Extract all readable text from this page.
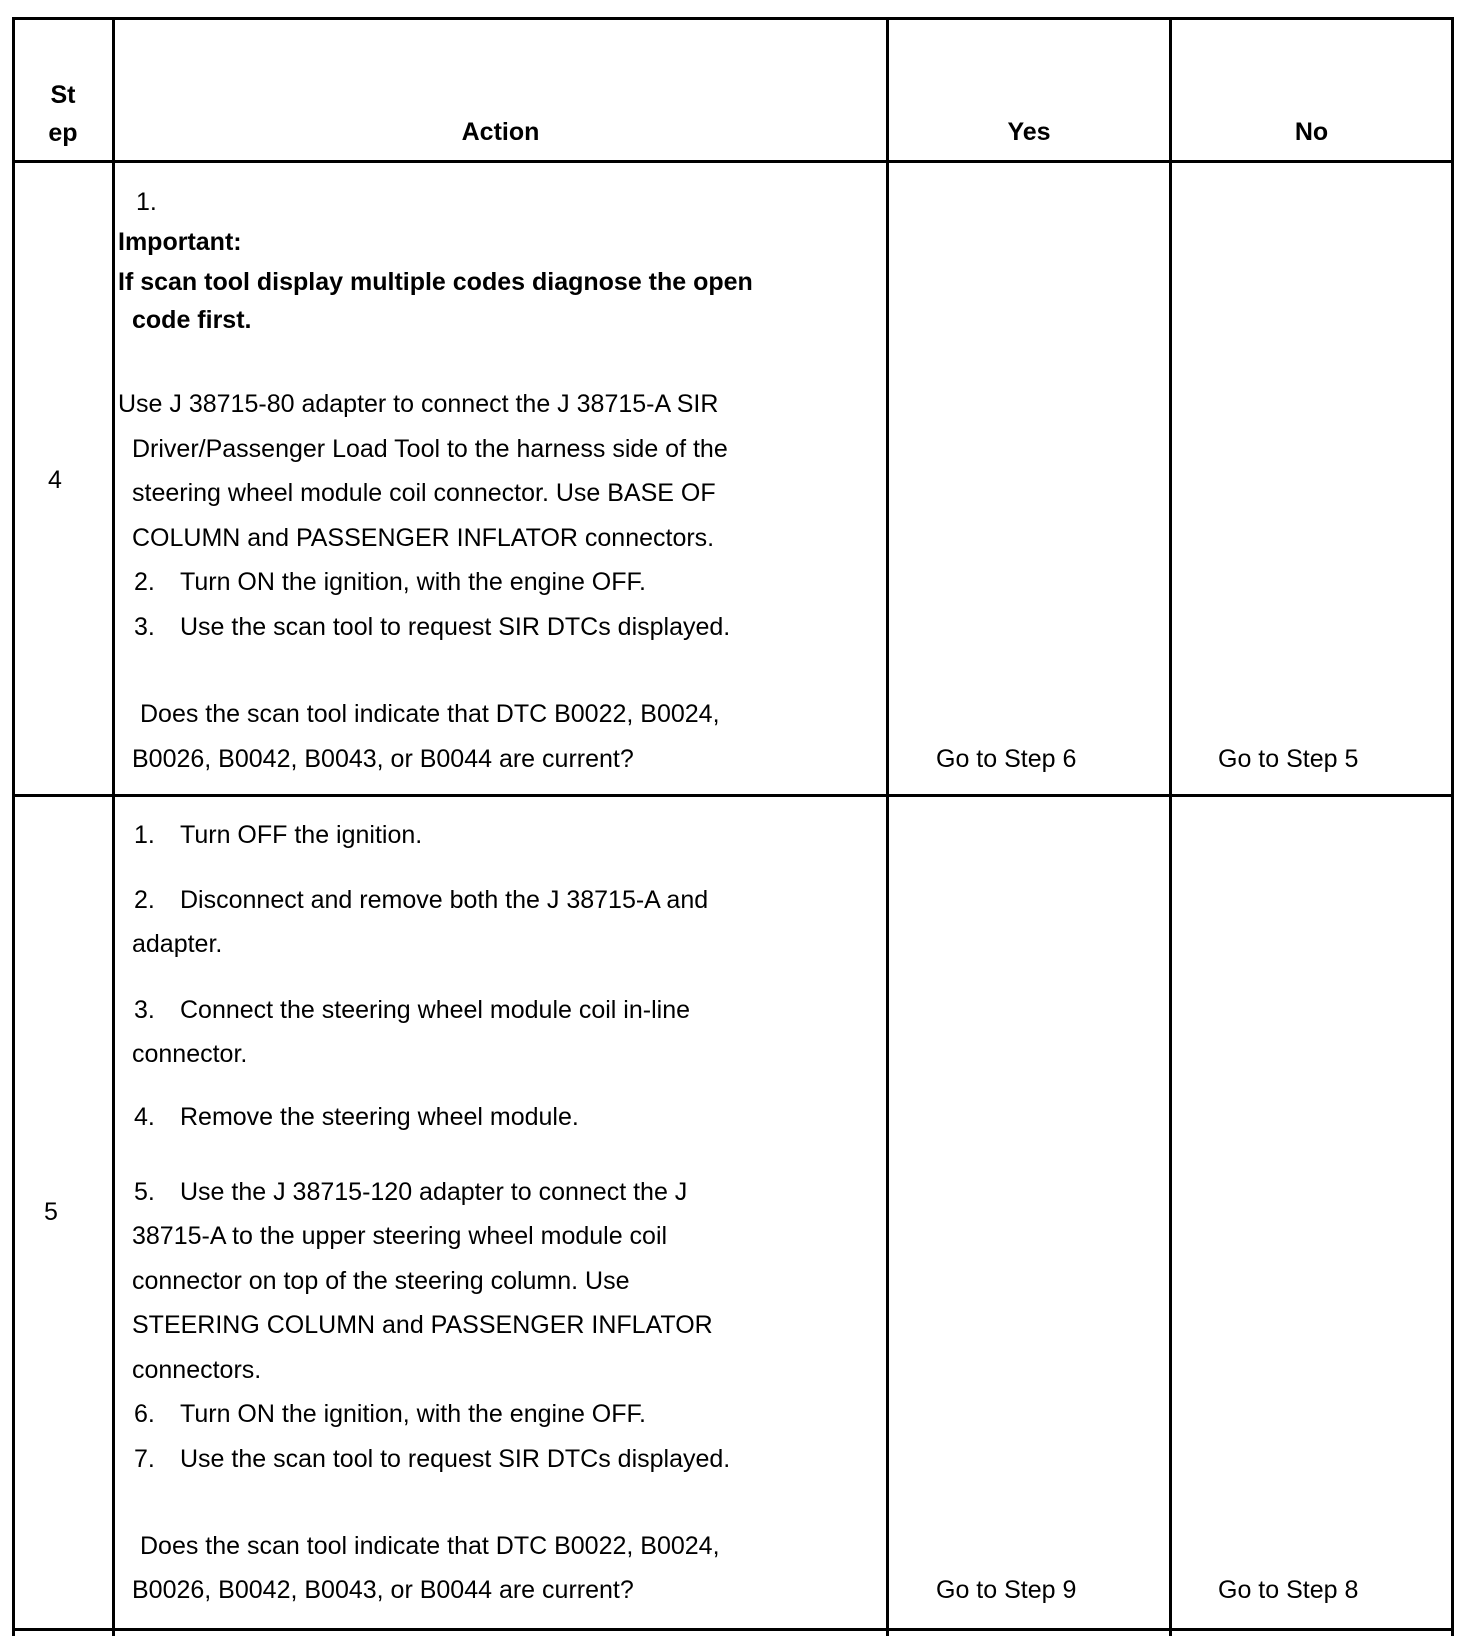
St
ep	Action	Yes	No
4
1.
Important:
If scan tool display multiple codes diagnose the open
code first.
Use J 38715-80 adapter to connect the J 38715-A SIR
Driver/Passenger Load Tool to the harness side of the
steering wheel module coil connector. Use BASE OF
COLUMN and PASSENGER INFLATOR connectors.
2. Turn ON the ignition, with the engine OFF.
3. Use the scan tool to request SIR DTCs displayed.
Does the scan tool indicate that DTC B0022, B0024,
B0026, B0042, B0043, or B0044 are current?	Go to Step 6	Go to Step 5
5
1. Turn OFF the ignition.
2. Disconnect and remove both the J 38715-A and
adapter.
3. Connect the steering wheel module coil in-line
connector.
4. Remove the steering wheel module.
5. Use the J 38715-120 adapter to connect the J
38715-A to the upper steering wheel module coil
connector on top of the steering column. Use
STEERING COLUMN and PASSENGER INFLATOR
connectors.
6. Turn ON the ignition, with the engine OFF.
7. Use the scan tool to request SIR DTCs displayed.
Does the scan tool indicate that DTC B0022, B0024,
B0026, B0042, B0043, or B0044 are current?	Go to Step 9	Go to Step 8
